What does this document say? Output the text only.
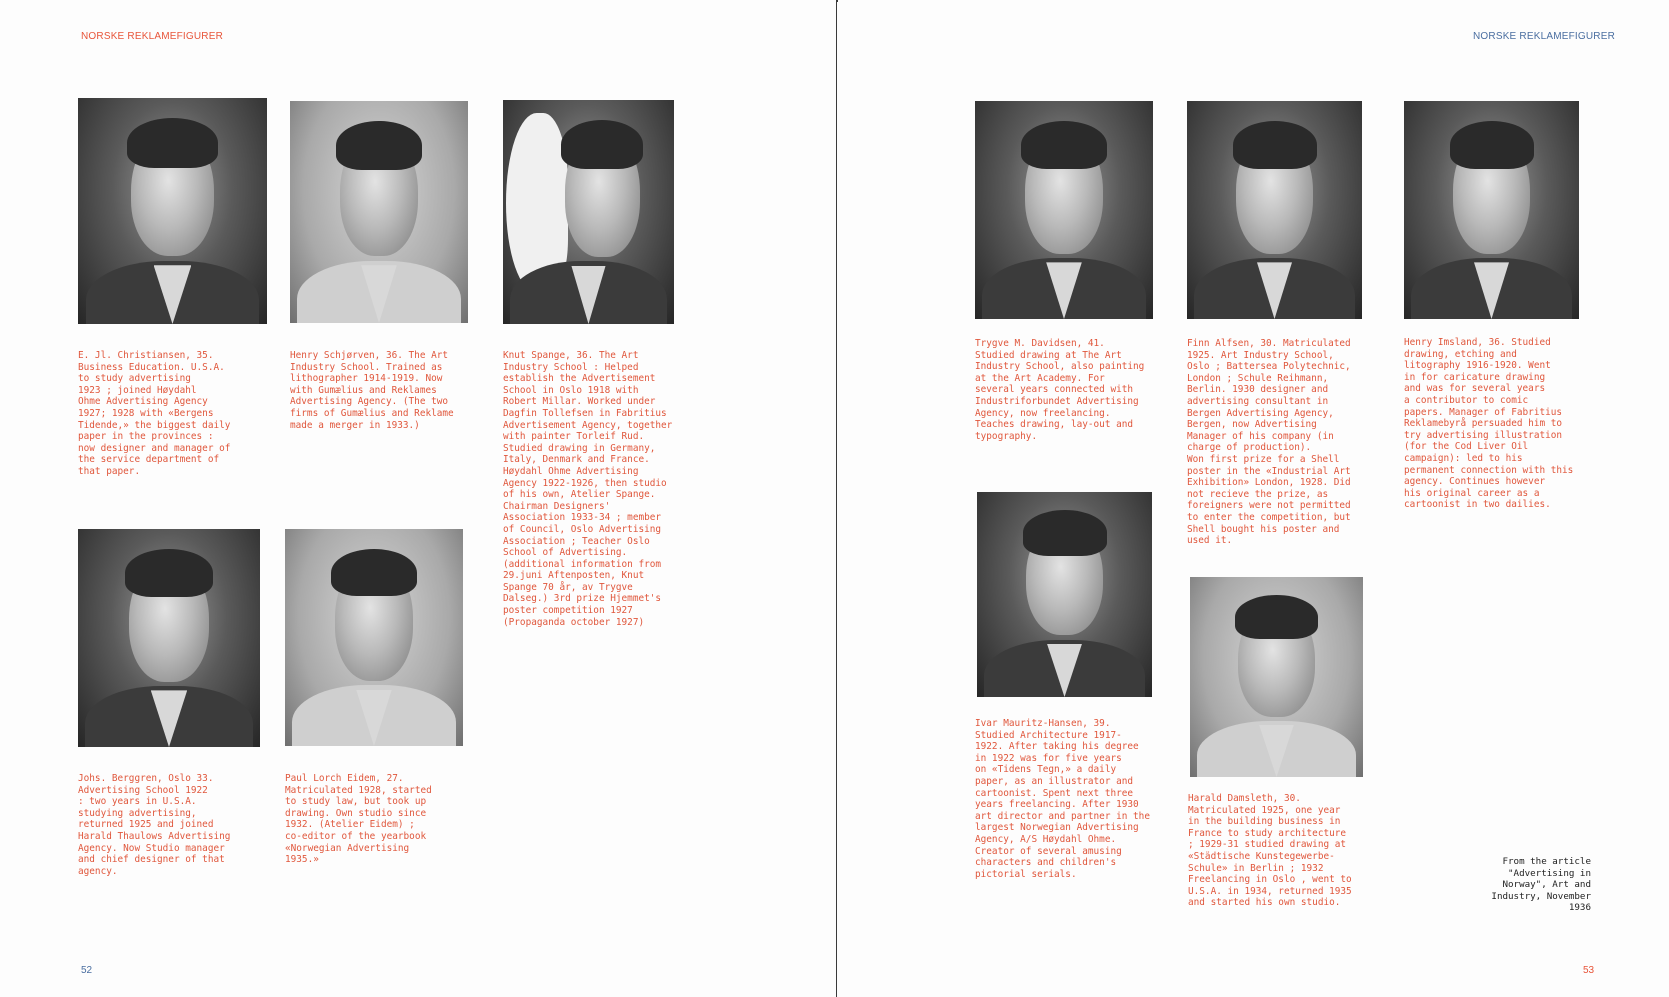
NORSKE REKLAMEFIGURER

E. Jl. Christiansen, 35.
Business Education. U.S.A.
to study advertising
1923 ; joined Høydahl
Ohme Advertising Agency
1927; 1928 with «Bergens
Tidende,» the biggest daily
paper in the provinces :
now designer and manager of
the service department of
that paper.

Henry Schjørven, 36. The Art
Industry School. Trained as
lithographer 1914-1919. Now
with Gumælius and Reklames
Advertising Agency. (The two
firms of Gumælius and Reklame
made a merger in 1933.)

Knut Spange, 36. The Art
Industry School : Helped
establish the Advertisement
School in Oslo 1918 with
Robert Millar. Worked under
Dagfin Tollefsen in Fabritius
Advertisement Agency, together
with painter Torleif Rud.
Studied drawing in Germany,
Italy, Denmark and France.
Høydahl Ohme Advertising
Agency 1922-1926, then studio
of his own, Atelier Spange.
Chairman Designers'
Association 1933-34 ; member
of Council, Oslo Advertising
Association ; Teacher Oslo
School of Advertising.
(additional information from
29.juni Aftenposten, Knut
Spange 70 år, av Trygve
Dalseg.) 3rd prize Hjemmet's
poster competition 1927
(Propaganda october 1927)

Johs. Berggren, Oslo 33.
Advertising School 1922
: two years in U.S.A.
studying advertising,
returned 1925 and joined
Harald Thaulows Advertising
Agency. Now Studio manager
and chief designer of that
agency.

Paul Lorch Eidem, 27.
Matriculated 1928, started
to study law, but took up
drawing. Own studio since
1932. (Atelier Eidem) ;
co-editor of the yearbook
«Norwegian Advertising
1935.»

52
NORSKE REKLAMEFIGURER

Trygve M. Davidsen, 41.
Studied drawing at The Art
Industry School, also painting
at the Art Academy. For
several years connected with
Industriforbundet Advertising
Agency, now freelancing.
Teaches drawing, lay-out and
typography.

Finn Alfsen, 30. Matriculated
1925. Art Industry School,
Oslo ; Battersea Polytechnic,
London ; Schule Reihmann,
Berlin. 1930 designer and
advertising consultant in
Bergen Advertising Agency,
Bergen, now Advertising
Manager of his company (in
charge of production).
Won first prize for a Shell
poster in the «Industrial Art
Exhibition» London, 1928. Did
not recieve the prize, as
foreigners were not permitted
to enter the competition, but
Shell bought his poster and
used it.

Henry Imsland, 36. Studied
drawing, etching and
litography 1916-1920. Went
in for caricature drawing
and was for several years
a contributor to comic
papers. Manager of Fabritius
Reklamebyrå persuaded him to
try advertising illustration
(for the Cod Liver Oil
campaign): led to his
permanent connection with this
agency. Continues however
his original career as a
cartoonist in two dailies.

Ivar Mauritz-Hansen, 39.
Studied Architecture 1917-
1922. After taking his degree
in 1922 was for five years
on «Tidens Tegn,» a daily
paper, as an illustrator and
cartoonist. Spent next three
years freelancing. After 1930
art director and partner in the
largest Norwegian Advertising
Agency, A/S Høydahl Ohme.
Creator of several amusing
characters and children's
pictorial serials.

Harald Damsleth, 30.
Matriculated 1925, one year
in the building business in
France to study architecture
; 1929-31 studied drawing at
«Städtische Kunstegewerbe-
Schule» in Berlin ; 1932
Freelancing in Oslo , went to
U.S.A. in 1934, returned 1935
and started his own studio.

From the article
"Advertising in
Norway", Art and
Industry, November
1936

53
